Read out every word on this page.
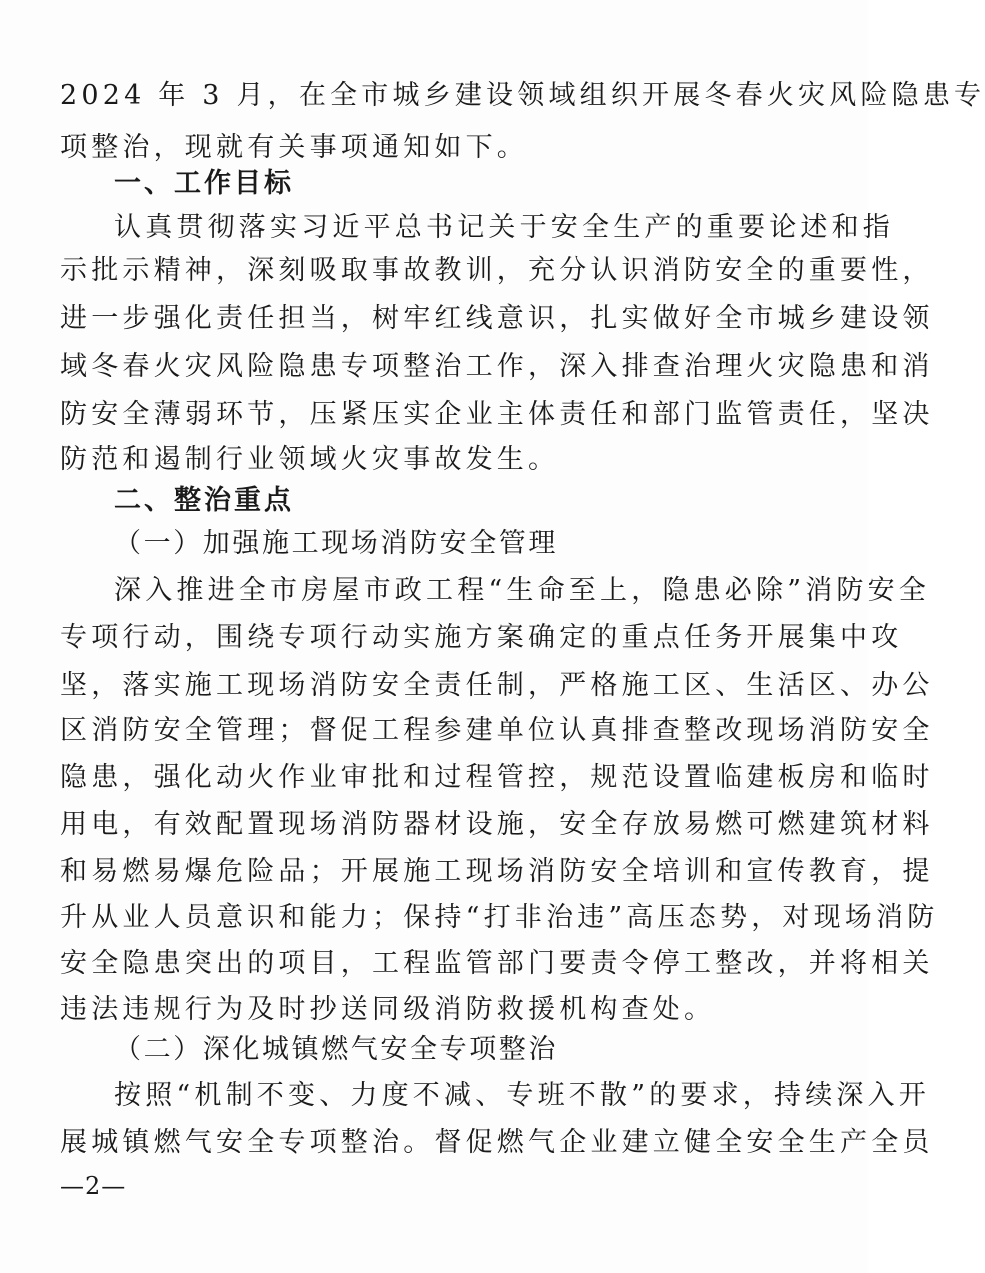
2024 年 3 月，在全市城乡建设领域组织开展冬春火灾风险隐患专
项整治，现就有关事项通知如下。
一、工作目标
认真贯彻落实习近平总书记关于安全生产的重要论述和指
示批示精神，深刻吸取事故教训，充分认识消防安全的重要性，
进一步强化责任担当，树牢红线意识，扎实做好全市城乡建设领
域冬春火灾风险隐患专项整治工作，深入排查治理火灾隐患和消
防安全薄弱环节，压紧压实企业主体责任和部门监管责任，坚决
防范和遏制行业领域火灾事故发生。
二、整治重点
（一）加强施工现场消防安全管理
深入推进全市房屋市政工程“生命至上，隐患必除”消防安全
专项行动，围绕专项行动实施方案确定的重点任务开展集中攻
坚，落实施工现场消防安全责任制，严格施工区、生活区、办公
区消防安全管理；督促工程参建单位认真排查整改现场消防安全
隐患，强化动火作业审批和过程管控，规范设置临建板房和临时
用电，有效配置现场消防器材设施，安全存放易燃可燃建筑材料
和易燃易爆危险品；开展施工现场消防安全培训和宣传教育，提
升从业人员意识和能力；保持“打非治违”高压态势，对现场消防
安全隐患突出的项目，工程监管部门要责令停工整改，并将相关
违法违规行为及时抄送同级消防救援机构查处。
（二）深化城镇燃气安全专项整治
按照“机制不变、力度不减、专班不散”的要求，持续深入开
展城镇燃气安全专项整治。督促燃气企业建立健全安全生产全员
—2—
